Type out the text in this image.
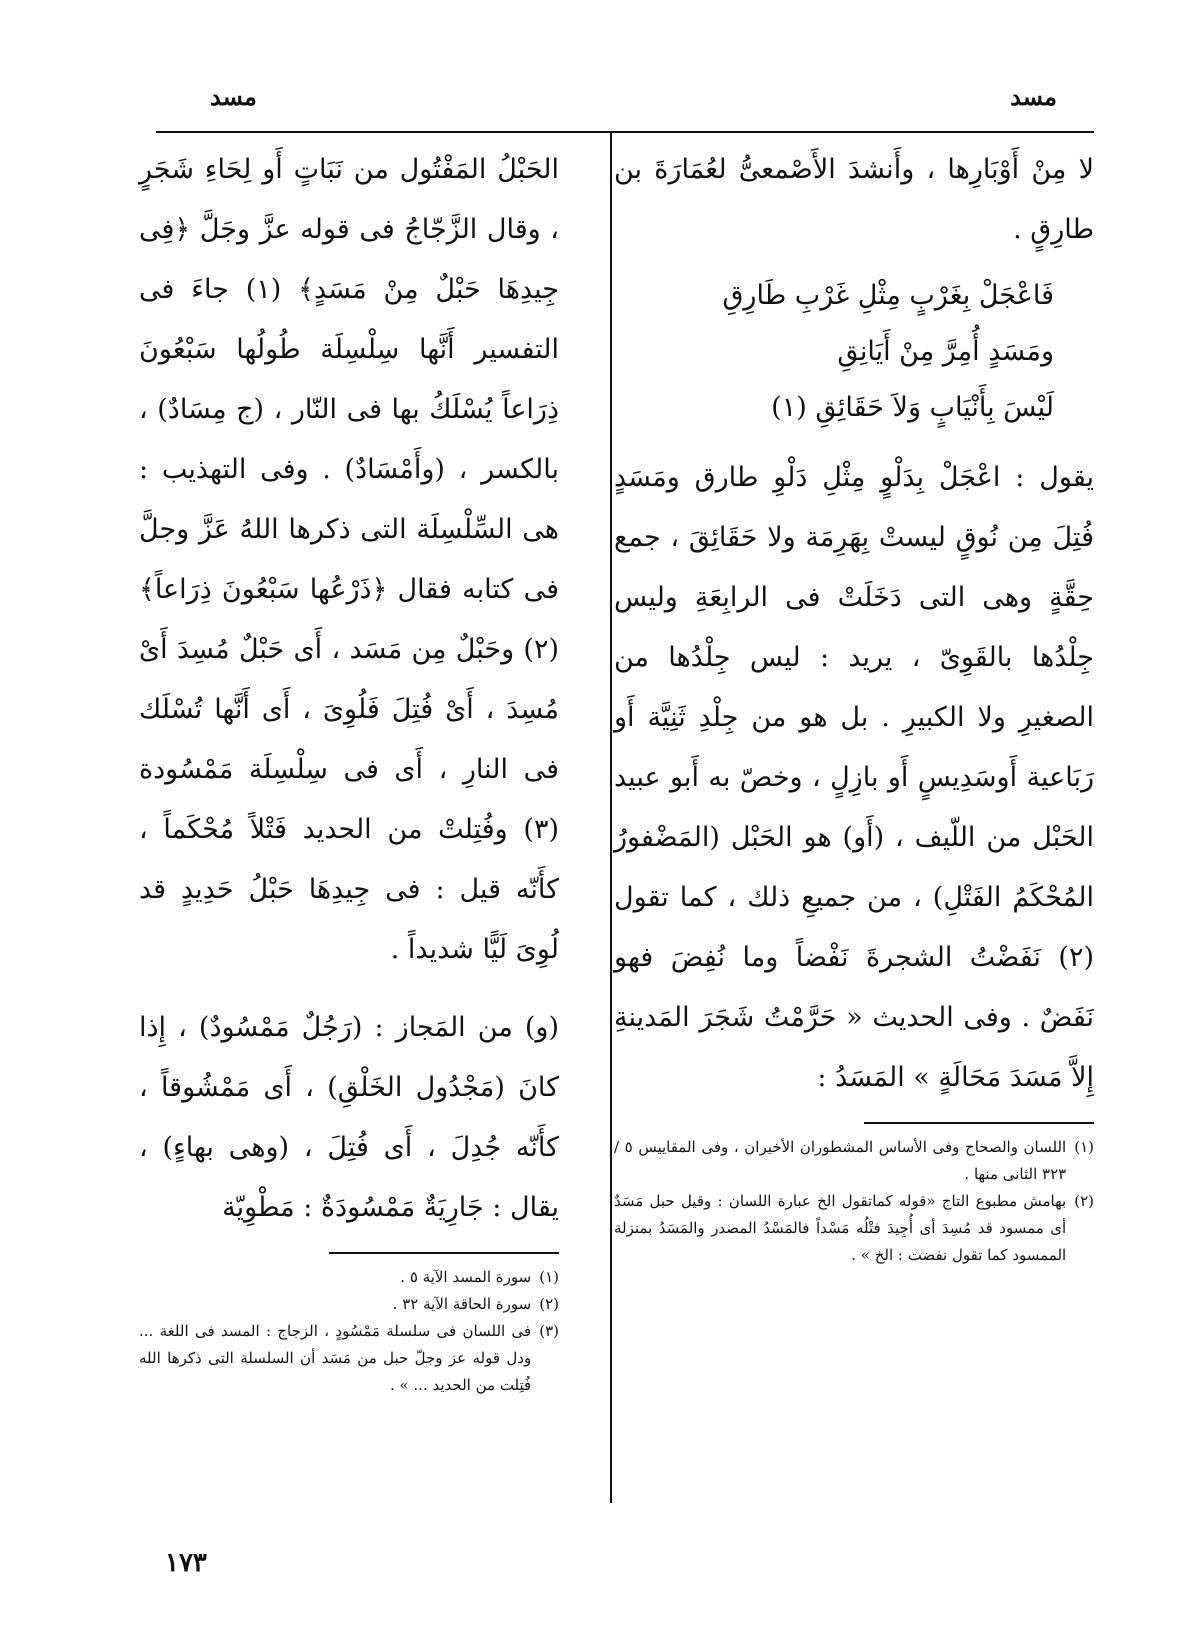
مسد
مسد

لا مِنْ أَوْبَارِها ، وأَنشدَ الأَصْمعىُّ لعُمَارَةَ بن طارِقٍ .

فَاعْجَلْ بِغَرْبٍ مِثْلِ غَرْبِ طَارِقِ
ومَسَدٍ أُمِرَّ مِنْ أَيَانِقِ
لَيْسَ بِأَنْيَابٍ وَلاَ حَقَائِقِ (١)

يقول : اعْجَلْ بِدَلْوٍ مِثْلِ دَلْوِ طارق ومَسَدٍ فُتِلَ مِن نُوقٍ ليستْ بِهَرِمَة ولا حَقَائِقَ ، جمع حِقَّةٍ وهى التى دَخَلَتْ فى الرابِعَةِ وليس جِلْدُها بالقَوِىّ ، يريد : ليس جِلْدُها من الصغيرِ ولا الكبيرِ . بل هو من جِلْدِ ثَنِيَّة أَو رَبَاعية أَوسَدِيسٍ أَو بازِلٍ ، وخصّ به أَبو عبيد الحَبْل من اللّيف ، (أَو) هو الحَبْل (المَضْفورُ المُحْكَمُ الفَتْلِ) ، من جميعِ ذلك ، كما تقول (٢) نَفَضْتُ الشجرةَ نَفْضاً وما نُفِضَ فهو نَفَضٌ . وفى الحديث « حَرَّمْتُ شَجَرَ المَدينةِ إِلاَّ مَسَدَ مَحَالَةٍ » المَسَدُ :

(١)
اللسان والصحاح وفى الأساس المشطوران الأخيران ، وفى المقاييس ٥ /٣٢٣ الثانى منها .
(٢)
بهامش مطبوع التاج «قوله كماتقول الخ عبارة اللسان : وقيل حبل مَسَدٌ أى ممسود قد مُسِدَ أى أُجِيدَ فتْلُه مَسْداً فالمَسْدُ المصدر والمَسَدُ بمنزلة الممسود كما تقول نفضت : الخ » .

الحَبْلُ المَفْتُول من نَبَاتٍ أَو لِحَاءِ شَجَرٍ ، وقال الزَّجّاجُ فى قوله عزَّ وجَلَّ ﴿فِى جِيدِهَا حَبْلٌ مِنْ مَسَدٍ﴾ (١) جاءَ فى التفسير أَنَّها سِلْسِلَة طُولُها سَبْعُونَ ذِرَاعاً يُسْلَكُ بها فى النّار ، (ج مِسَادٌ) ، بالكسر ، (وأَمْسَادٌ) . وفى التهذيب : هى السِّلْسِلَة التى ذكرها اللهُ عَزَّ وجلَّ فى كتابه فقال ﴿ذَرْعُها سَبْعُونَ ذِرَاعاً﴾ (٢) وحَبْلٌ مِن مَسَد ، أَى حَبْلٌ مُسِدَ أَىْ مُسِدَ ، أَىْ فُتِلَ فَلُوِىَ ، أَى أَنَّها تُسْلَك فى النارِ ، أَى فى سِلْسِلَة مَمْسُودة (٣) وفُتِلتْ من الحديد فَتْلاً مُحْكَماً ، كأَنّه قيل : فى جِيدِهَا حَبْلُ حَدِيدٍ قد لُوِىَ لَيًّا شديداً .

(و) من المَجاز : (رَجُلٌ مَمْسُودٌ) ، إِذا كانَ (مَجْدُول الخَلْقِ) ، أَى مَمْشُوقاً ، كأَنّه جُدِلَ ، أَى فُتِلَ ، (وهى بهاءٍ) ، يقال : جَارِيَةٌ مَمْسُودَةٌ : مَطْوِيّة

(١)
سورة المسد الآية ٥ .
(٢)
سورة الحاقة الآية ٣٢ .
(٣)
فى اللسان فى سلسلة مَمْسُودٍ ، الزجاج : المسد فى اللغة ... ودل قوله عز وجلّ حبل من مَسَد أن السلسلة التى ذكرها الله فُتِلت من الحديد ... » .
١٧٣
